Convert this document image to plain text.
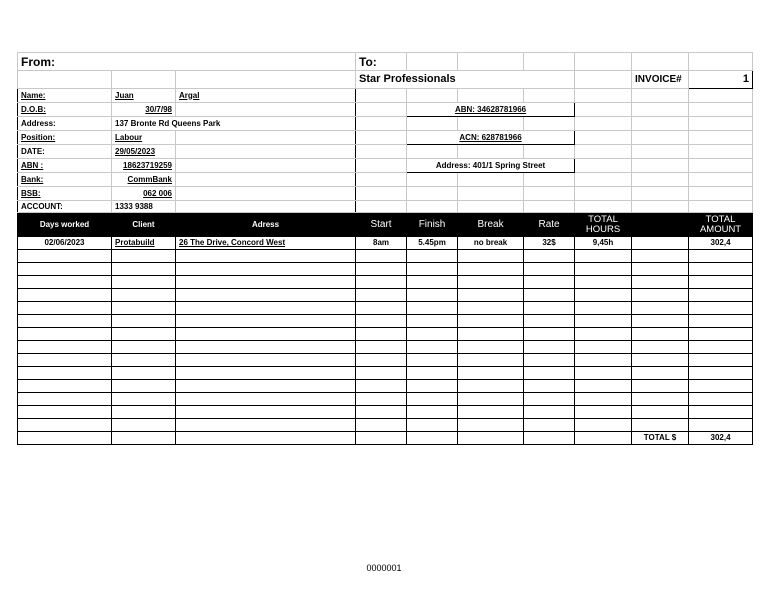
From:			To:						
			Star Professionals					INVOICE#	1
Name:	Juan	Argal							
D.O.B:	30/7/98			ABN: 34628781966					
Address:	137 Bronte Rd Queens Park								
Position:	Labour			ACN: 628781966					
DATE:	29/05/2023								
ABN :	18623719259			Address: 401/1 Spring Street					
Bank:	CommBank								
BSB:	062 006								
ACCOUNT:	1333 9388								
Days worked	Client	Adress	Start	Finish	Break	Rate	TOTAL HOURS		TOTAL AMOUNT
02/06/2023	Protabuild	26 The Drive, Concord West	8am	5.45pm	no break	32$	9,45h		302,4

								TOTAL $	302,4
0000001
